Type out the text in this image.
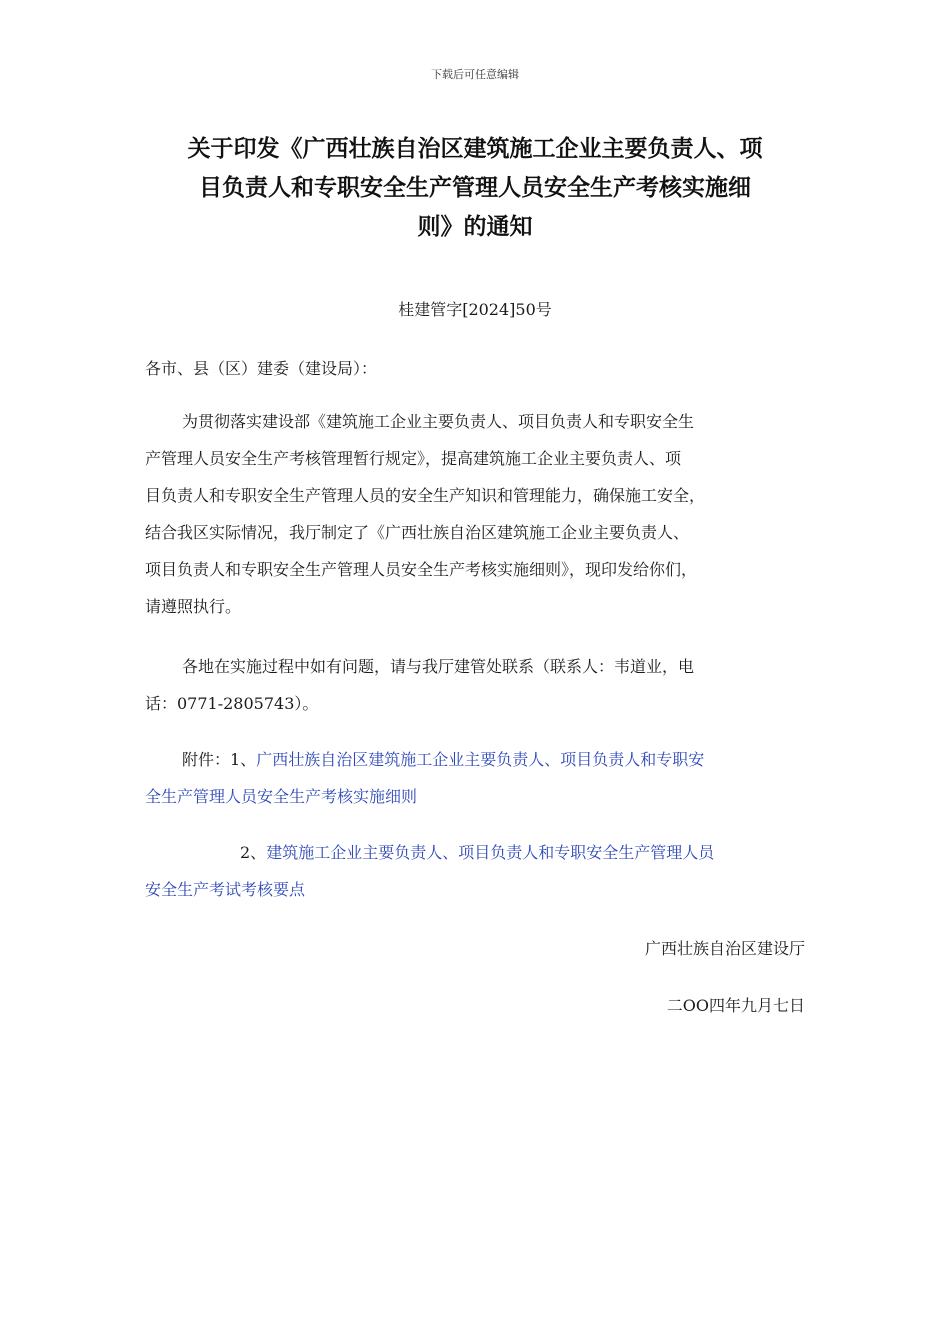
下载后可任意编辑
关于印发《广西壮族自治区建筑施工企业主要负责人、项
目负责人和专职安全生产管理人员安全生产考核实施细
则》的通知
桂建管字[2024]50号
各市、县（区）建委（建设局）：
为贯彻落实建设部《建筑施工企业主要负责人、项目负责人和专职安全生
产管理人员安全生产考核管理暂行规定》，提高建筑施工企业主要负责人、项
目负责人和专职安全生产管理人员的安全生产知识和管理能力，确保施工安全，
结合我区实际情况，我厅制定了《广西壮族自治区建筑施工企业主要负责人、
项目负责人和专职安全生产管理人员安全生产考核实施细则》，现印发给你们，
请遵照执行。
各地在实施过程中如有问题，请与我厅建管处联系（联系人：韦道业，电
话：0771-2805743）。
附件：1、广西壮族自治区建筑施工企业主要负责人、项目负责人和专职安
全生产管理人员安全生产考核实施细则
2、建筑施工企业主要负责人、项目负责人和专职安全生产管理人员
安全生产考试考核要点
广西壮族自治区建设厅
二OO四年九月七日
